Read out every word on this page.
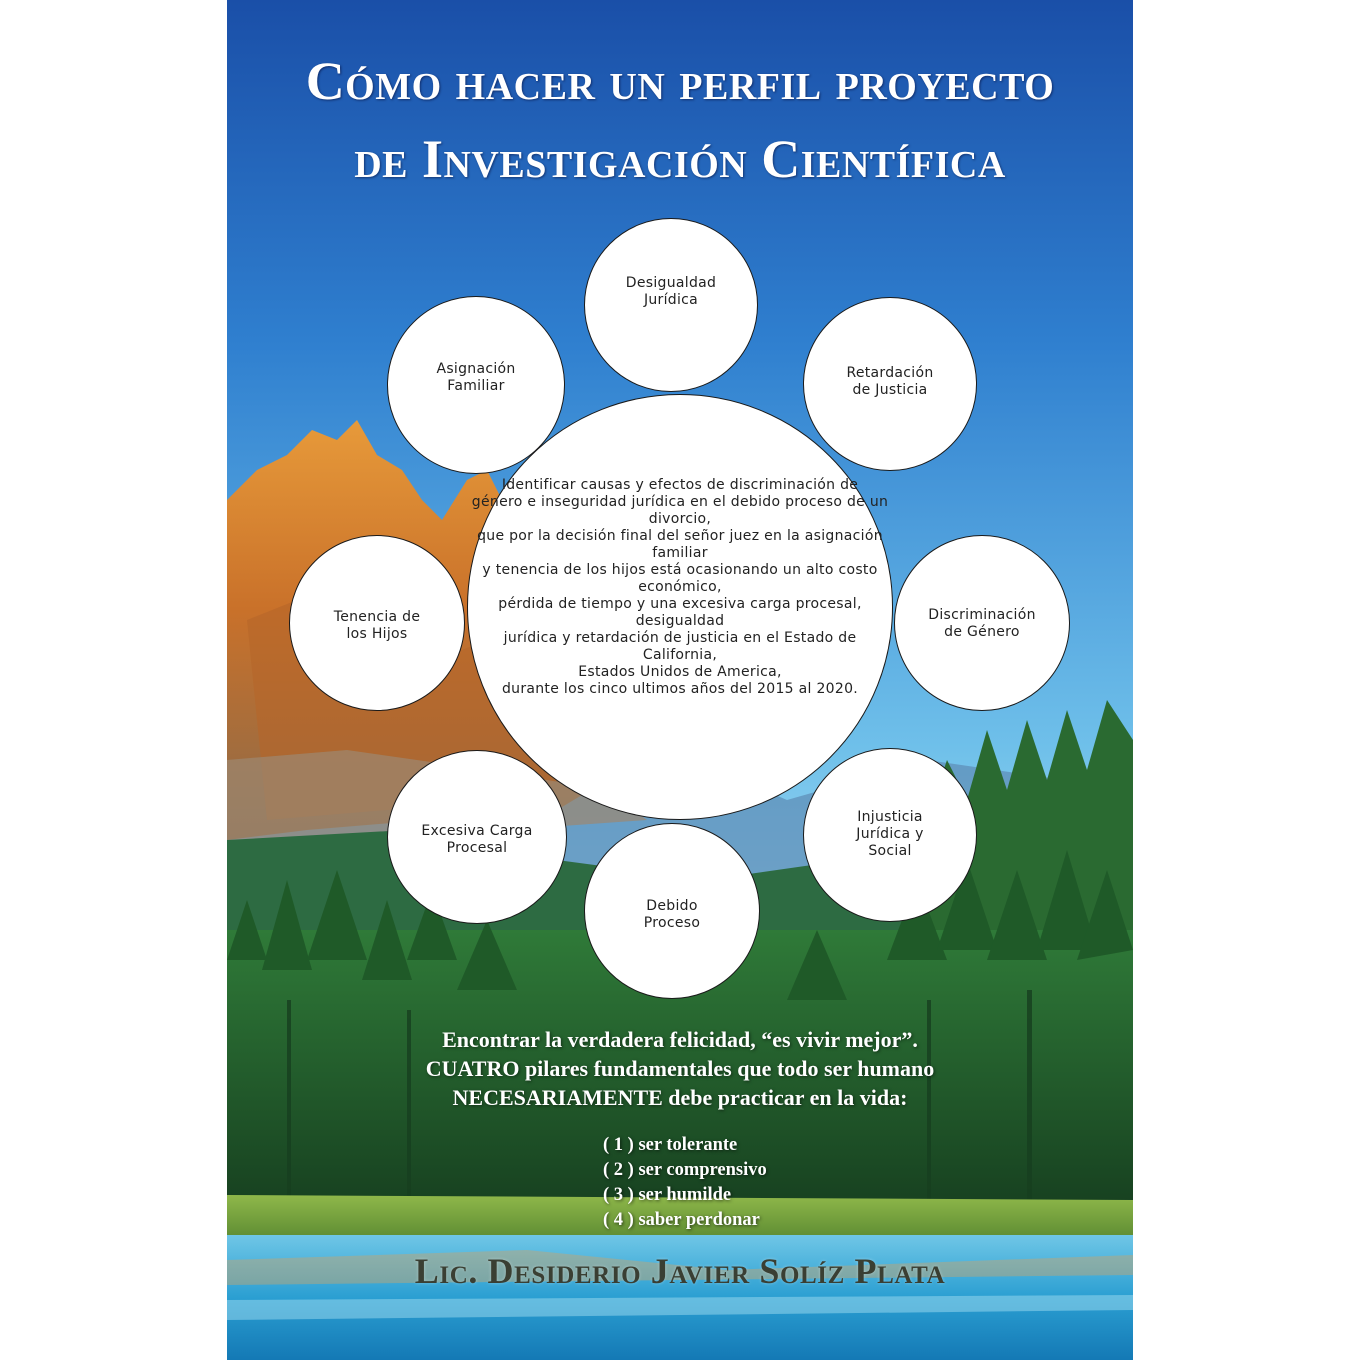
Cómo hacer un perfil proyecto
de Investigación Científica
Desigualdad
Jurídica
Retardación
de Justicia
Asignación
Familiar
Tenencia de
los Hijos
Discriminación
de Género
Excesiva Carga
Procesal
Injusticia
Jurídica y
Social
Debido
Proceso
Identificar causas y efectos de discriminación de
género e inseguridad jurídica en el debido proceso de un divorcio,
que por la decisión final del señor juez en la asignación familiar
y tenencia de los hijos está ocasionando un alto costo económico,
pérdida de tiempo y una excesiva carga procesal, desigualdad
jurídica y retardación de justicia en el Estado de California,
Estados Unidos de America,
durante los cinco ultimos años del 2015 al 2020.
Encontrar la verdadera felicidad, “es vivir mejor”.
CUATRO pilares fundamentales que todo ser humano
NECESARIAMENTE debe practicar en la vida:
( 1 ) ser tolerante
( 2 ) ser comprensivo
( 3 ) ser humilde
( 4 ) saber perdonar
Lic. Desiderio Javier Solíz Plata
